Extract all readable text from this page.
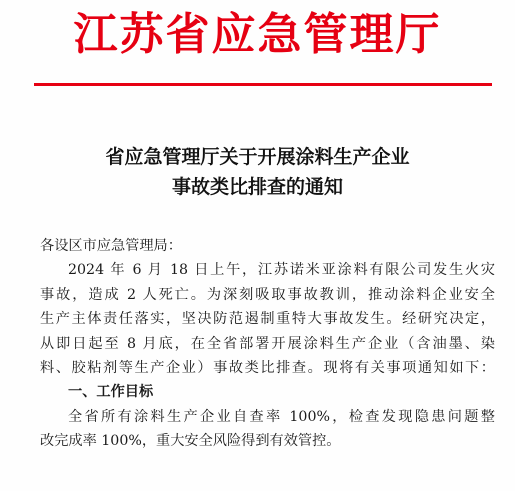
江苏省应急管理厅
省应急管理厅关于开展涂料生产企业
事故类比排查的通知
各设区市应急管理局：
2024 年 6 月 18 日上午，江苏诺米亚涂料有限公司发生火灾
事故，造成 2 人死亡。为深刻吸取事故教训，推动涂料企业安全
生产主体责任落实，坚决防范遏制重特大事故发生。经研究决定，
从即日起至 8 月底，在全省部署开展涂料生产企业（含油墨、染
料、胶粘剂等生产企业）事故类比排查。现将有关事项通知如下：
一、工作目标
全省所有涂料生产企业自查率 100%，检查发现隐患问题整
改完成率 100%，重大安全风险得到有效管控。
